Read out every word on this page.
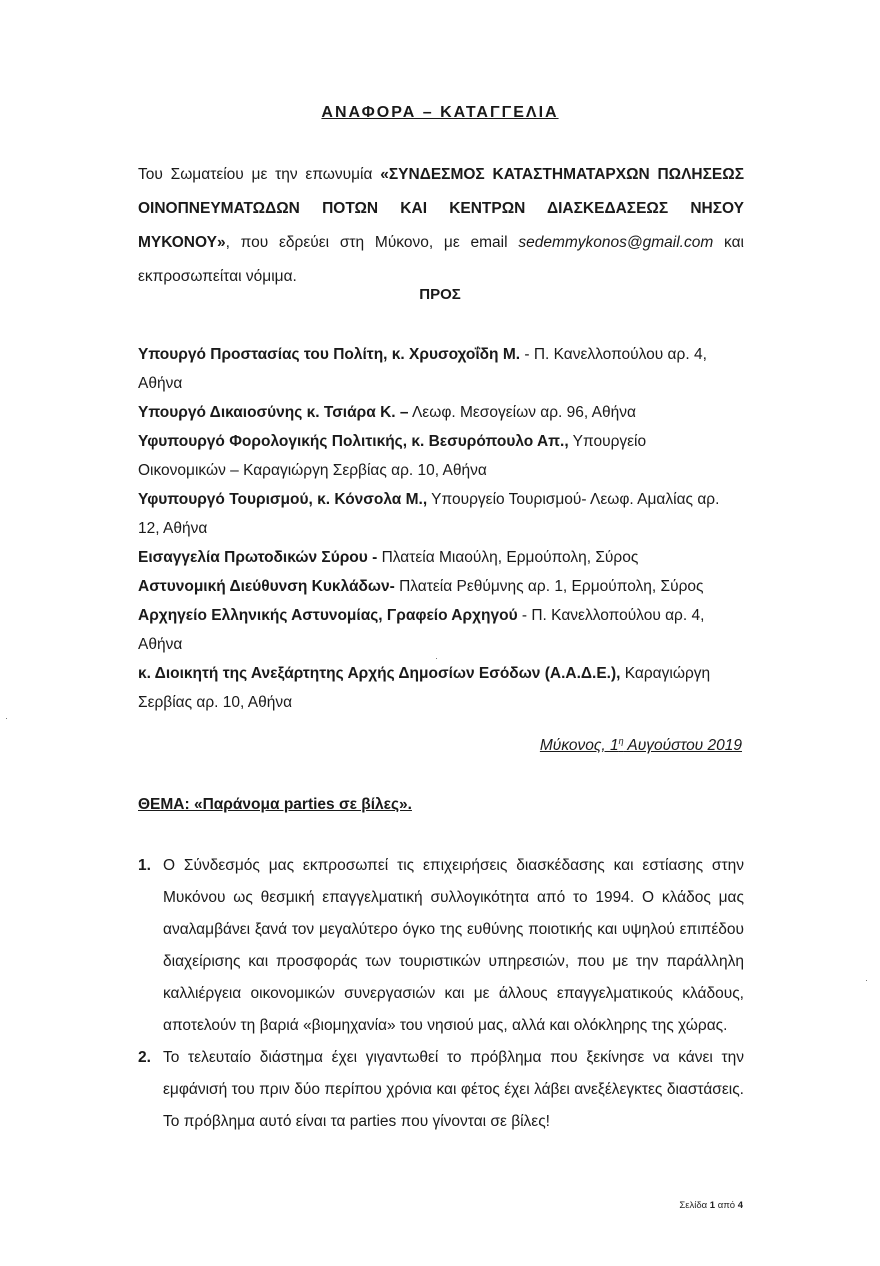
ΑΝΑΦΟΡΑ – ΚΑΤΑΓΓΕΛΙΑ
Του Σωματείου με την επωνυμία «ΣΥΝΔΕΣΜΟΣ ΚΑΤΑΣΤΗΜΑΤΑΡΧΩΝ ΠΩΛΗΣΕΩΣ ΟΙΝΟΠΝΕΥΜΑΤΩΔΩΝ ΠΟΤΩΝ ΚΑΙ ΚΕΝΤΡΩΝ ΔΙΑΣΚΕΔΑΣΕΩΣ ΝΗΣΟΥ ΜΥΚΟΝΟΥ», που εδρεύει στη Μύκονο, με email sedemmykonos@gmail.com και εκπροσωπείται νόμιμα.
ΠΡΟΣ
Υπουργό Προστασίας του Πολίτη, κ. Χρυσοχοΐδη Μ. - Π. Κανελλοπούλου αρ. 4, Αθήνα
Υπουργό Δικαιοσύνης κ. Τσιάρα Κ. – Λεωφ. Μεσογείων αρ. 96, Αθήνα
Υφυπουργό Φορολογικής Πολιτικής, κ. Βεσυρόπουλο Απ., Υπουργείο Οικονομικών – Καραγιώργη Σερβίας αρ. 10, Αθήνα
Υφυπουργό Τουρισμού, κ. Κόνσολα Μ., Υπουργείο Τουρισμού- Λεωφ. Αμαλίας αρ. 12, Αθήνα
Εισαγγελία Πρωτοδικών Σύρου - Πλατεία Μιαούλη, Ερμούπολη, Σύρος
Αστυνομική Διεύθυνση Κυκλάδων- Πλατεία Ρεθύμνης αρ. 1, Ερμούπολη, Σύρος
Αρχηγείο Ελληνικής Αστυνομίας, Γραφείο Αρχηγού - Π. Κανελλοπούλου αρ. 4, Αθήνα
κ. Διοικητή της Ανεξάρτητης Αρχής Δημοσίων Εσόδων (Α.Α.Δ.Ε.), Καραγιώργη Σερβίας αρ. 10, Αθήνα
Μύκονος, $1^\eta$ Αυγούστου 2019
ΘΕΜΑ: «Παράνομα parties σε βίλες».
1. Ο Σύνδεσμός μας εκπροσωπεί τις επιχειρήσεις διασκέδασης και εστίασης στην Μυκόνου ως θεσμική επαγγελματική συλλογικότητα από το 1994. Ο κλάδος μας αναλαμβάνει ξανά τον μεγαλύτερο όγκο της ευθύνης ποιοτικής και υψηλού επιπέδου διαχείρισης και προσφοράς των τουριστικών υπηρεσιών, που με την παράλληλη καλλιέργεια οικονομικών συνεργασιών και με άλλους επαγγελματικούς κλάδους, αποτελούν τη βαριά «βιομηχανία» του νησιού μας, αλλά και ολόκληρης της χώρας.
2. Το τελευταίο διάστημα έχει γιγαντωθεί το πρόβλημα που ξεκίνησε να κάνει την εμφάνισή του πριν δύο περίπου χρόνια και φέτος έχει λάβει ανεξέλεγκτες διαστάσεις. Το πρόβλημα αυτό είναι τα parties που γίνονται σε βίλες!
Σελίδα 1 από 4
